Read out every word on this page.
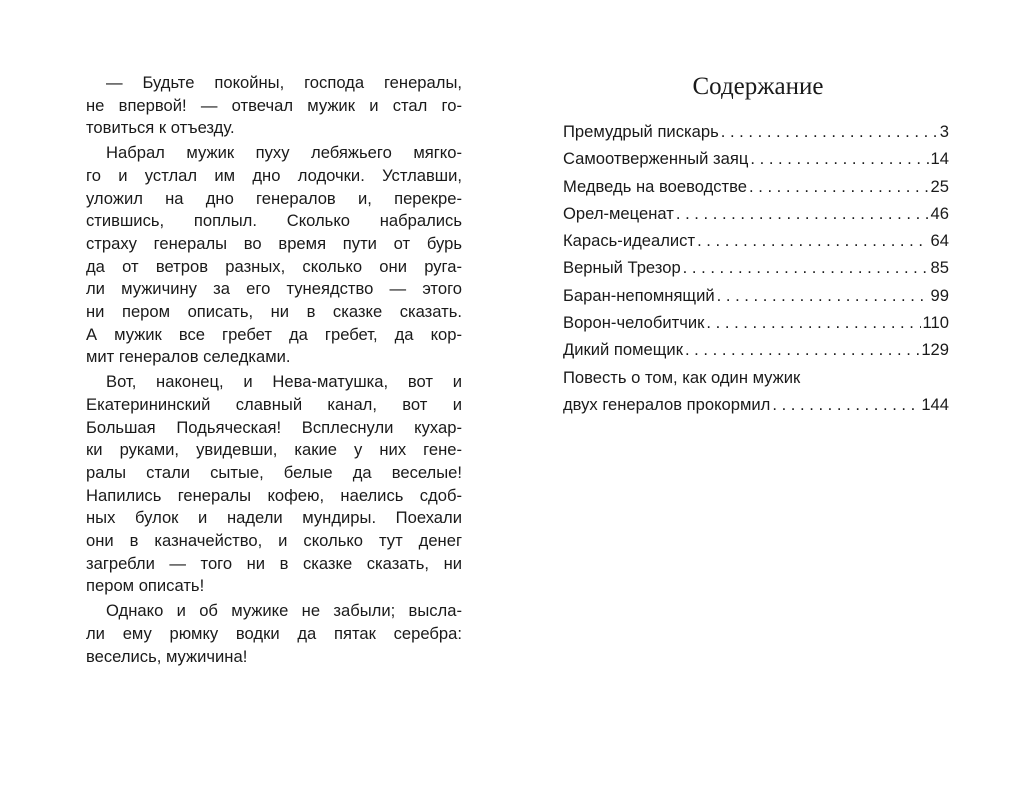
— Будьте покойны, господа генералы,
не впервой! — отвечал мужик и стал го-
товиться к отъезду.
Набрал мужик пуху лебяжьего мягко-
го и устлал им дно лодочки. Устлавши,
уложил на дно генералов и, перекре-
стившись, поплыл. Сколько набрались
страху генералы во время пути от бурь
да от ветров разных, сколько они руга-
ли мужичину за его тунеядство — этого
ни пером описать, ни в сказке сказать.
А мужик все гребет да гребет, да кор-
мит генералов селедками.
Вот, наконец, и Нева-матушка, вот и
Екатерининский славный канал, вот и
Большая Подьяческая! Всплеснули кухар-
ки руками, увидевши, какие у них гене-
ралы стали сытые, белые да веселые!
Напились генералы кофею, наелись сдоб-
ных булок и надели мундиры. Поехали
они в казначейство, и сколько тут денег
загребли — того ни в сказке сказать, ни
пером описать!
Однако и об мужике не забыли; высла-
ли ему рюмку водки да пятак серебра:
веселись, мужичина!
Содержание
Премудрый пискарь . . .	3
Самоотверженный заяц . . .	14
Медведь на воеводстве . . .	25
Орел-меценат . . .	46
Карась-идеалист . . .	64
Верный Трезор . . .	85
Баран-непомнящий . . .	99
Ворон-челобитчик . . .	110
Дикий помещик . . .	129
Повесть о том, как один мужик
двух генералов прокормил . . .	144
